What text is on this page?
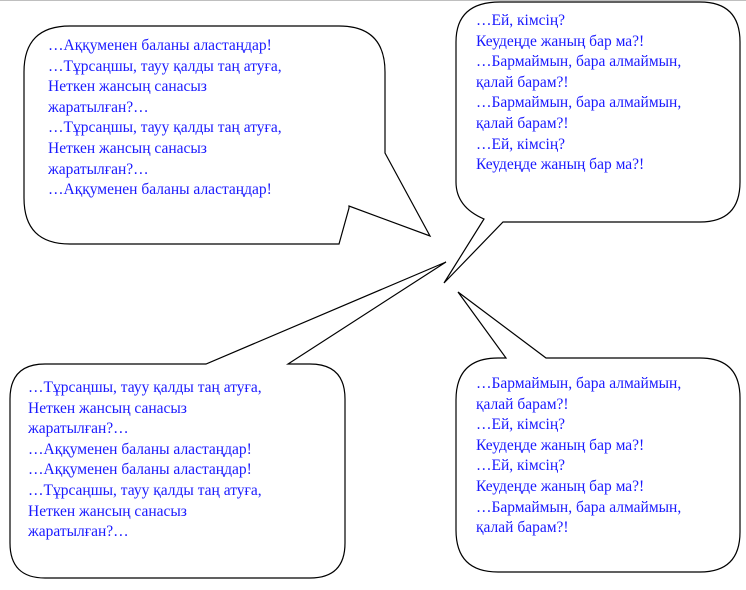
…Аққуменен баланы аластаңдар!
…Тұрсаңшы, тауу қалды таң атуға,
Неткен жансың санасыз
жаратылған?…
…Тұрсаңшы, тауу қалды таң атуға,
Неткен жансың санасыз
жаратылған?…
…Аққуменен баланы аластаңдар!
…Ей, кімсің?
Кеудеңде жаның бар ма?!
…Бармаймын, бара алмаймын,
қалай барам?!
…Бармаймын, бара алмаймын,
қалай барам?!
…Ей, кімсің?
Кеудеңде жаның бар ма?!
…Тұрсаңшы, тауу қалды таң атуға,
Неткен жансың санасыз
жаратылған?…
…Аққуменен баланы аластаңдар!
…Аққуменен баланы аластаңдар!
…Тұрсаңшы, тауу қалды таң атуға,
Неткен жансың санасыз
жаратылған?…
…Бармаймын, бара алмаймын,
қалай барам?!
…Ей, кімсің?
Кеудеңде жаның бар ма?!
…Ей, кімсің?
Кеудеңде жаның бар ма?!
…Бармаймын, бара алмаймын,
қалай барам?!
